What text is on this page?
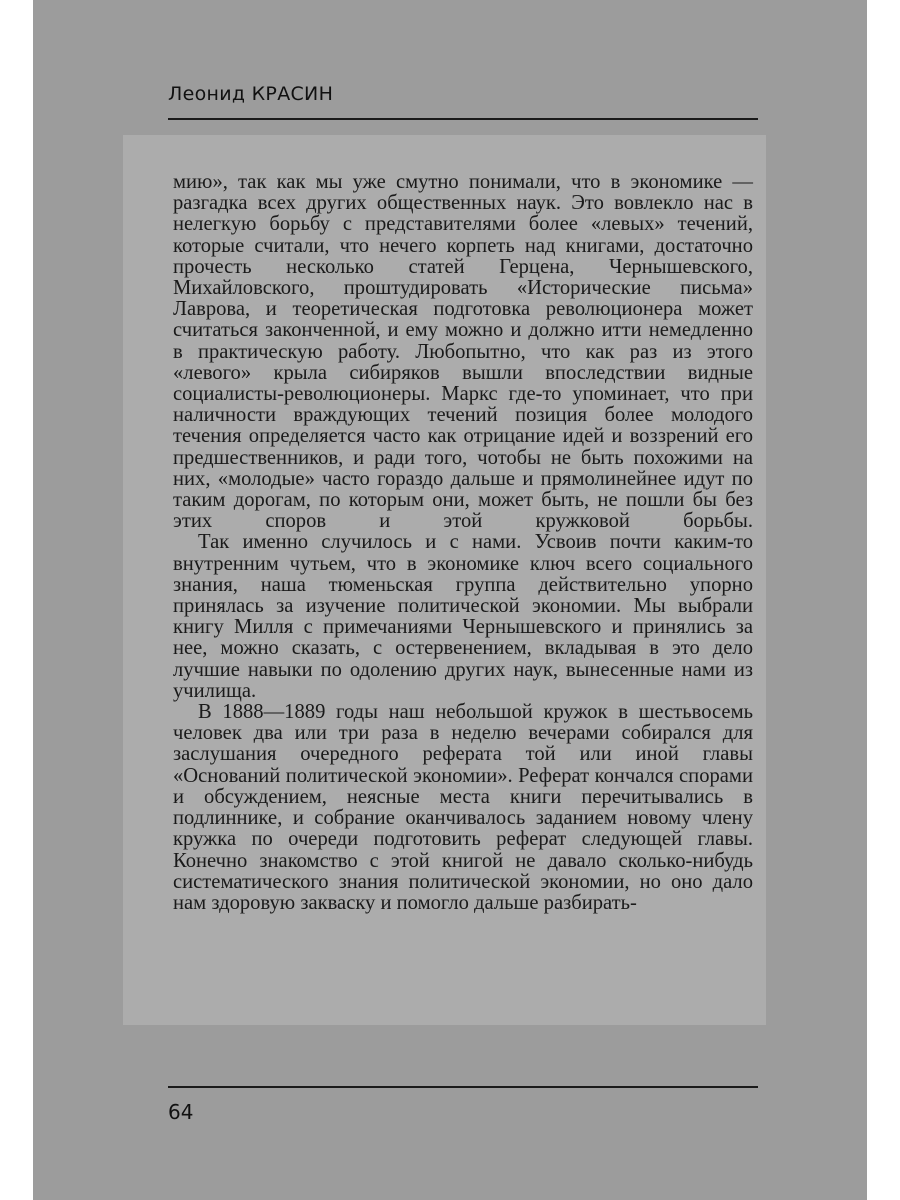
Леонид КРАСИН

мию», так как мы уже смутно понимали, что в экономике — разгадка всех других общественных наук. Это вовлекло нас в нелегкую борьбу с представителями более «левых» течений, которые считали, что нечего корпеть над книгами, достаточно прочесть несколько статей Герцена, Чернышевского, Михайловского, проштудировать «Исторические письма» Лаврова, и теоретическая подготовка революционера может считаться законченной, и ему можно и должно итти немедленно в практическую работу. Любопытно, что как раз из этого «левого» крыла сибиряков вышли впоследствии видные социалисты-революционеры. Маркс где-то упоминает, что при наличности враждующих течений позиция более молодого течения определяется часто как отрицание идей и воззрений его предшественников, и ради того, чотобы не быть похожими на них, «молодые» часто гораздо дальше и прямолинейнее идут по таким дорогам, по которым они, может быть, не пошли бы без этих споров и этой кружковой борьбы.

Так именно случилось и с нами. Усвоив почти каким-то внутренним чутьем, что в экономике ключ всего социального знания, наша тюменьская группа действительно упорно принялась за изучение политической экономии. Мы выбрали книгу Милля с примечаниями Чернышевского и принялись за нее, можно сказать, с остервенением, вкладывая в это дело лучшие навыки по одолению других наук, вынесенные нами из училища.

В 1888—1889 годы наш небольшой кружок в шестьвосемь человек два или три раза в неделю вечерами собирался для заслушания очередного реферата той или иной главы «Оснований политической экономии». Реферат кончался спорами и обсуждением, неясные места книги перечитывались в подлиннике, и собрание оканчивалось заданием новому члену кружка по очереди подготовить реферат следующей главы. Конечно знакомство с этой книгой не давало сколько-нибудь систематического знания политической экономии, но оно дало нам здоровую закваску и помогло дальше разбирать-

64
